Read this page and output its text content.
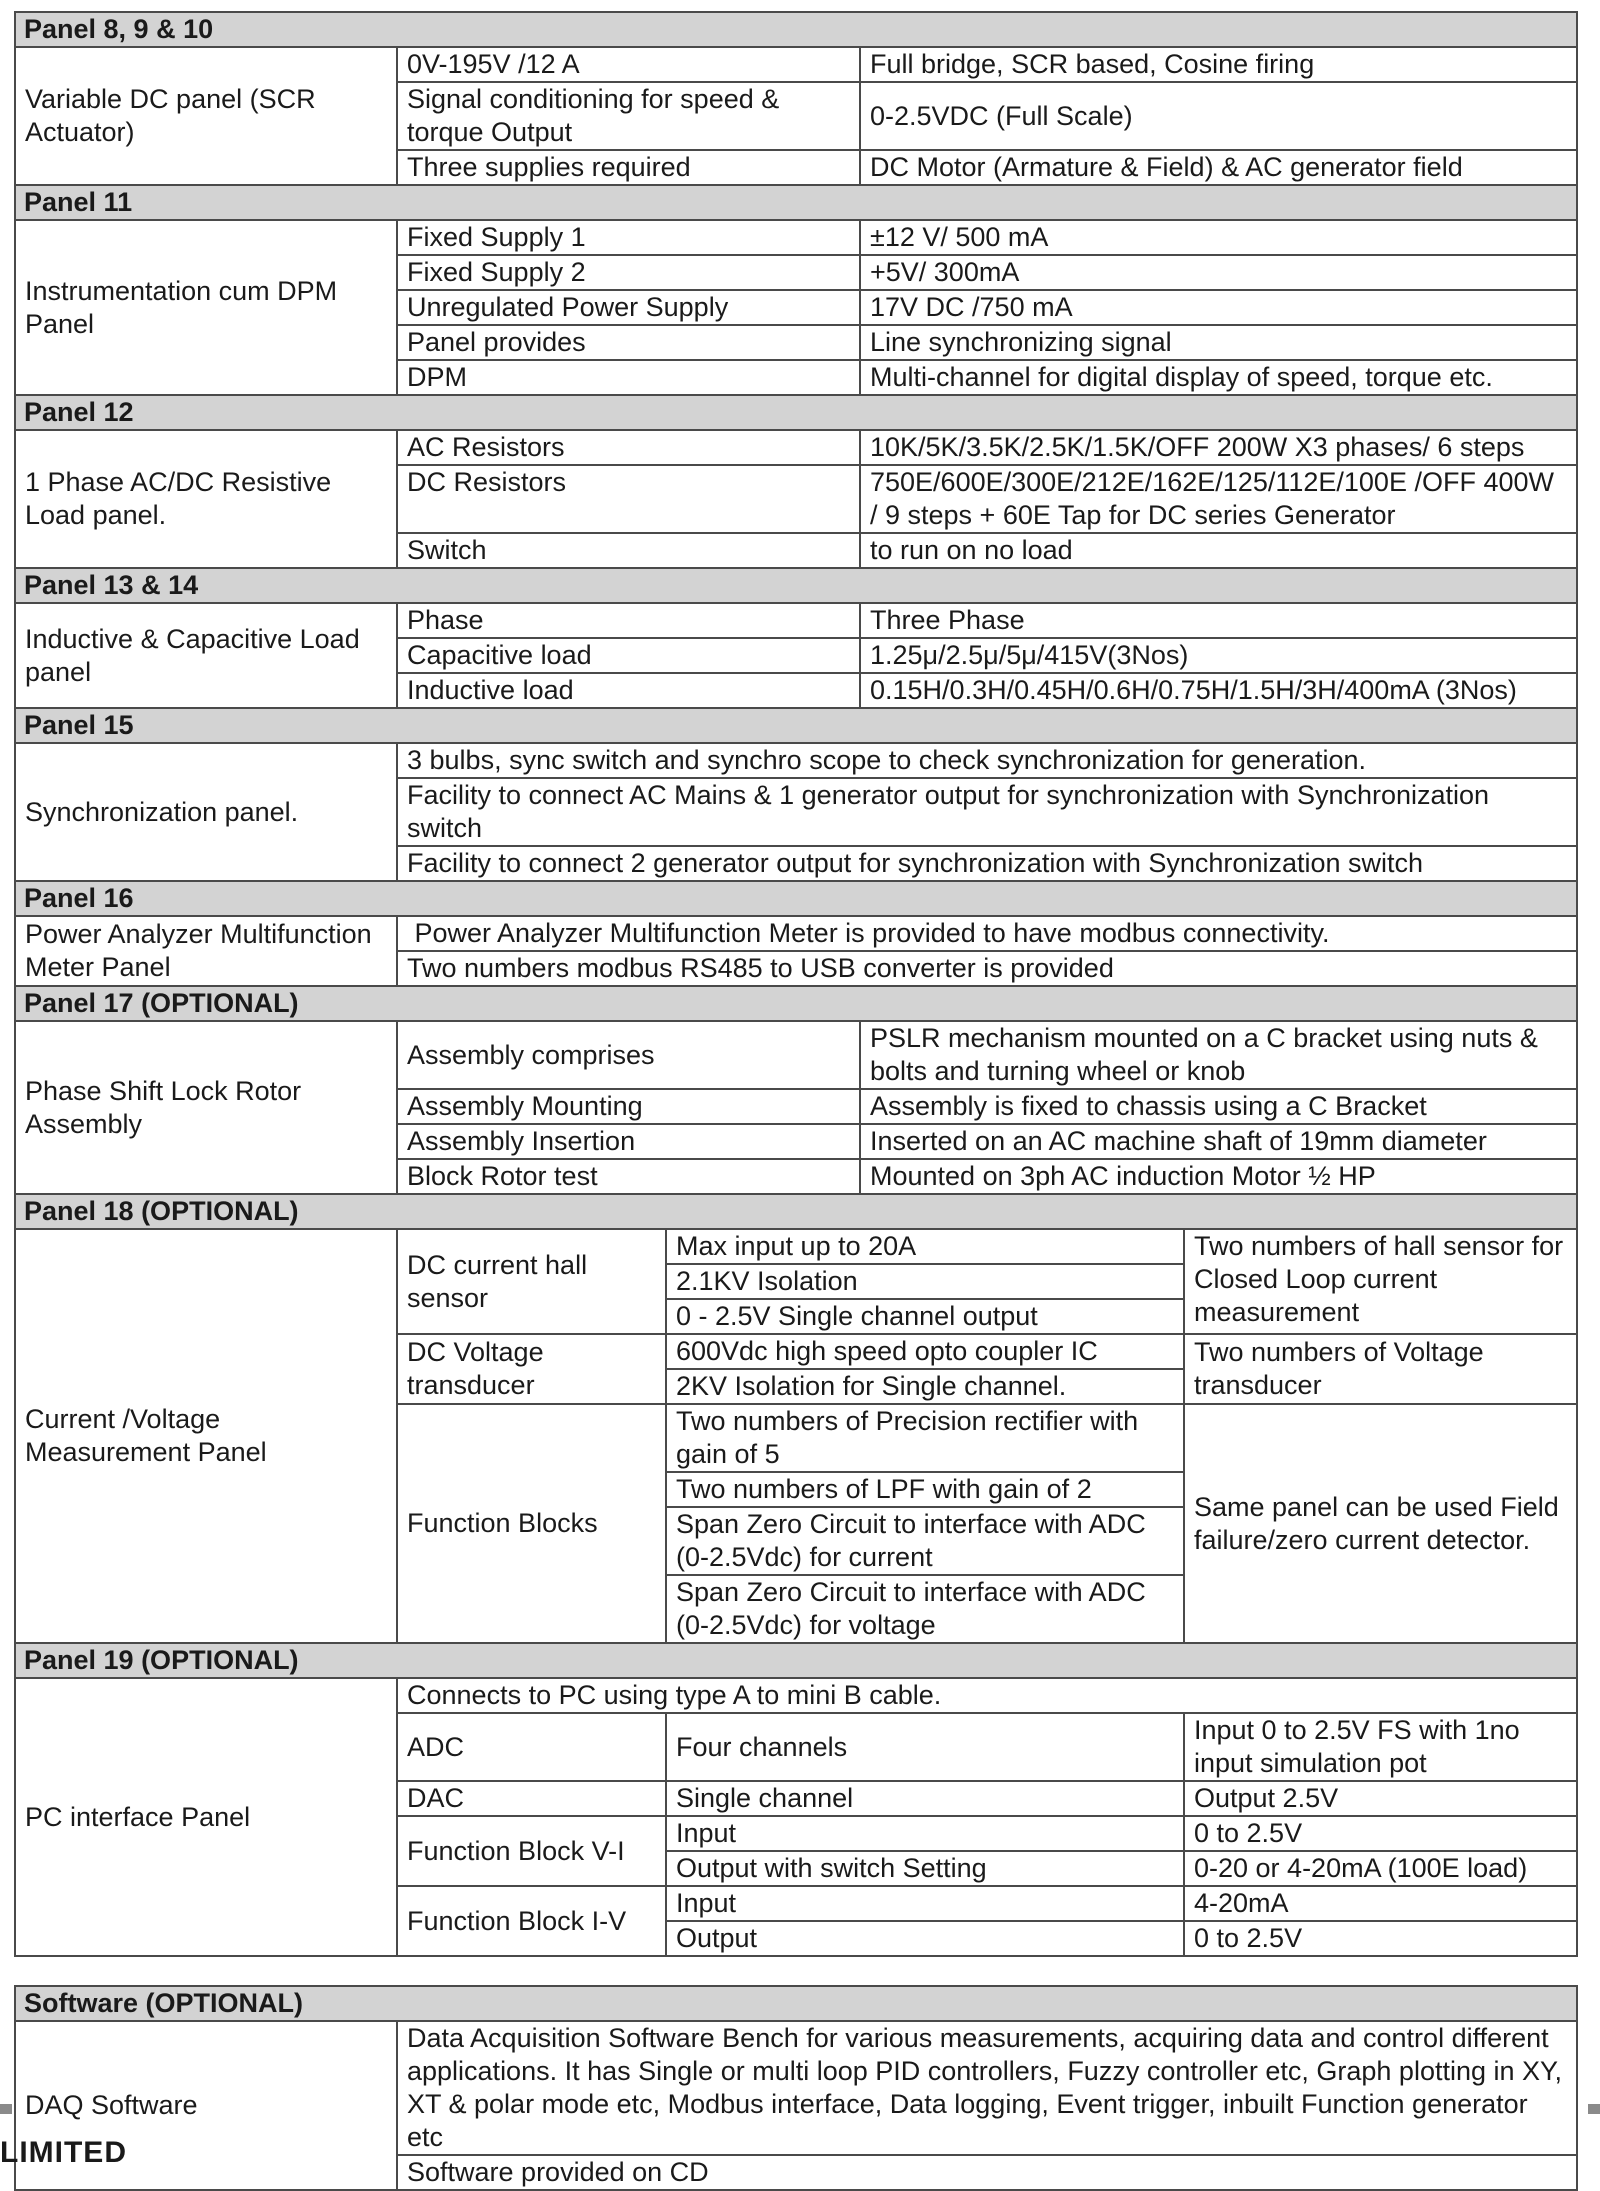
Panel 8, 9 & 10				
Variable DC panel (SCR Actuator)	0V-195V /12 A		Full bridge, SCR based, Cosine firing	
	Signal conditioning for speed & torque Output		0-2.5VDC (Full Scale)	
	Three supplies required		DC Motor (Armature & Field) & AC generator field	
Panel 11				
Instrumentation cum DPM Panel	Fixed Supply 1		±12 V/ 500 mA	
	Fixed Supply 2		+5V/ 300mA	
	Unregulated Power Supply		17V DC /750 mA	
	Panel provides		Line synchronizing signal	
	DPM		Multi-channel for digital display of speed, torque etc.	
Panel 12				
1 Phase AC/DC Resistive Load panel.	AC Resistors		10K/5K/3.5K/2.5K/1.5K/OFF 200W X3 phases/ 6 steps	
	DC Resistors		750E/600E/300E/212E/162E/125/112E/100E /OFF 400W / 9 steps + 60E Tap for DC series Generator	
	Switch		to run on no load	
Panel 13 & 14				
Inductive & Capacitive Load panel	Phase		Three Phase	
	Capacitive load		1.25μ/2.5μ/5μ/415V(3Nos)	
	Inductive load		0.15H/0.3H/0.45H/0.6H/0.75H/1.5H/3H/400mA (3Nos)	
Panel 15				
Synchronization panel.	3 bulbs, sync switch and synchro scope to check synchronization for generation.			
	Facility to connect AC Mains & 1 generator output for synchronization with Synchronization switch			
	Facility to connect 2 generator output for synchronization with Synchronization switch			
Panel 16				
Power Analyzer Multifunction Meter Panel	Power Analyzer Multifunction Meter is provided to have modbus connectivity.			
	Two numbers modbus RS485 to USB converter is provided			
Panel 17 (OPTIONAL)				
Phase Shift Lock Rotor Assembly	Assembly comprises		PSLR mechanism mounted on a C bracket using nuts & bolts and turning wheel or knob	
	Assembly Mounting		Assembly is fixed to chassis using a C Bracket	
	Assembly Insertion		Inserted on an AC machine shaft of 19mm diameter	
	Block Rotor test		Mounted on 3ph AC induction Motor ½ HP	
Panel 18 (OPTIONAL)				
Current /Voltage Measurement Panel	DC current hall sensor	Max input up to 20A		Two numbers of hall sensor for Closed Loop current measurement
		2.1KV Isolation		
		0 - 2.5V Single channel output		
	DC Voltage transducer	600Vdc high speed opto coupler IC		Two numbers of Voltage transducer
		2KV Isolation for Single channel.		
	Function Blocks	Two numbers of Precision rectifier with gain of 5		Same panel can be used Field failure/zero current detector.
		Two numbers of LPF with gain of 2		
		Span Zero Circuit to interface with ADC (0-2.5Vdc) for current		
		Span Zero Circuit to interface with ADC (0-2.5Vdc) for voltage		
Panel 19 (OPTIONAL)				
PC interface Panel	Connects to PC using type A to mini B cable.			
	ADC	Four channels		Input 0 to 2.5V FS with 1no input simulation pot
	DAC	Single channel		Output 2.5V
	Function Block V-I	Input		0 to 2.5V
		Output with switch Setting		0-20 or 4-20mA (100E load)
	Function Block I-V	Input		4-20mA
		Output		0 to 2.5V

Software (OPTIONAL)				
DAQ Software	Data Acquisition Software Bench for various measurements, acquiring data and control different applications. It has Single or multi loop PID controllers, Fuzzy controller etc, Graph plotting in XY, XT & polar mode etc, Modbus interface, Data logging, Event trigger, inbuilt Function generator etc			
	Software provided on CD			
LIMITED
